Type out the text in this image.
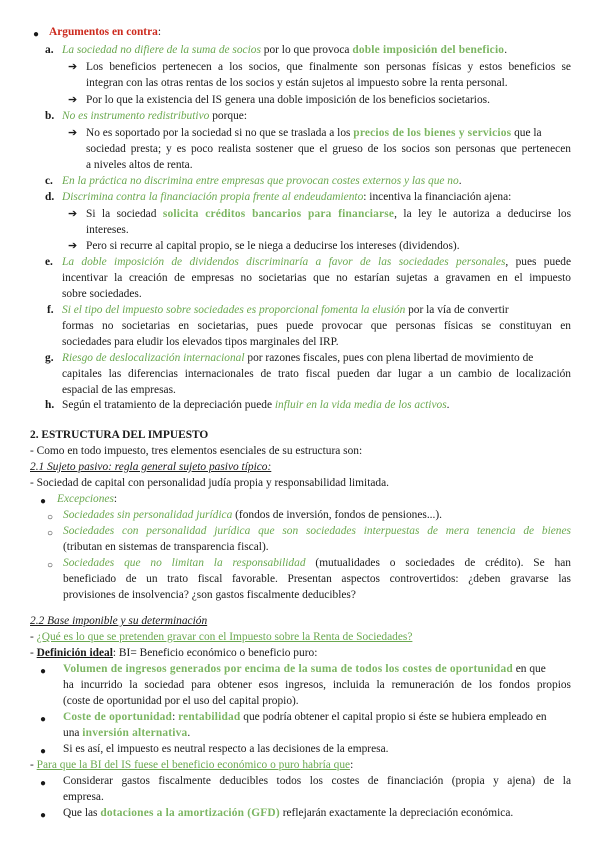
● Argumentos en contra:
a. La sociedad no difiere de la suma de socios por lo que provoca doble imposición del beneficio.
➔ Los beneficios pertenecen a los socios, que finalmente son personas físicas y estos beneficios se
integran con las otras rentas de los socios y están sujetos al impuesto sobre la renta personal.
➔ Por lo que la existencia del IS genera una doble imposición de los beneficios societarios.
b. No es instrumento redistributivo porque:
➔ No es soportado por la sociedad si no que se traslada a los precios de los bienes y servicios que la
sociedad presta; y es poco realista sostener que el grueso de los socios son personas que pertenecen
a niveles altos de renta.
c. En la práctica no discrimina entre empresas que provocan costes externos y las que no.
d. Discrimina contra la financiación propia frente al endeudamiento: incentiva la financiación ajena:
➔ Si la sociedad solicita créditos bancarios para financiarse, la ley le autoriza a deducirse los
intereses.
➔ Pero si recurre al capital propio, se le niega a deducirse los intereses (dividendos).
e. La doble imposición de dividendos discriminaría a favor de las sociedades personales, pues puede
incentivar la creación de empresas no societarias que no estarían sujetas a gravamen en el impuesto
sobre sociedades.
f. Si el tipo del impuesto sobre sociedades es proporcional fomenta la elusión por la vía de convertir
formas no societarias en societarias, pues puede provocar que personas físicas se constituyan en
sociedades para eludir los elevados tipos marginales del IRP.
g. Riesgo de deslocalización internacional por razones fiscales, pues con plena libertad de movimiento de
capitales las diferencias internacionales de trato fiscal pueden dar lugar a un cambio de localización
espacial de las empresas.
h. Según el tratamiento de la depreciación puede influir en la vida media de los activos.
2. ESTRUCTURA DEL IMPUESTO
- Como en todo impuesto, tres elementos esenciales de su estructura son:
2.1 Sujeto pasivo: regla general sujeto pasivo típico:
- Sociedad de capital con personalidad judía propia y responsabilidad limitada.
● Excepciones:
○ Sociedades sin personalidad jurídica (fondos de inversión, fondos de pensiones...).
○ Sociedades con personalidad jurídica que son sociedades interpuestas de mera tenencia de bienes
(tributan en sistemas de transparencia fiscal).
○ Sociedades que no limitan la responsabilidad (mutualidades o sociedades de crédito). Se han
beneficiado de un trato fiscal favorable. Presentan aspectos controvertidos: ¿deben gravarse las
provisiones de insolvencia? ¿son gastos fiscalmente deducibles?
2.2 Base imponible y su determinación
- ¿Qué es lo que se pretenden gravar con el Impuesto sobre la Renta de Sociedades?
- Definición ideal: BI= Beneficio económico o beneficio puro:
● Volumen de ingresos generados por encima de la suma de todos los costes de oportunidad en que
ha incurrido la sociedad para obtener esos ingresos, incluida la remuneración de los fondos propios
(coste de oportunidad por el uso del capital propio).
● Coste de oportunidad: rentabilidad que podría obtener el capital propio si éste se hubiera empleado en
una inversión alternativa.
● Si es así, el impuesto es neutral respecto a las decisiones de la empresa.
- Para que la BI del IS fuese el beneficio económico o puro habría que:
● Considerar gastos fiscalmente deducibles todos los costes de financiación (propia y ajena) de la
empresa.
● Que las dotaciones a la amortización (GFD) reflejarán exactamente la depreciación económica.
